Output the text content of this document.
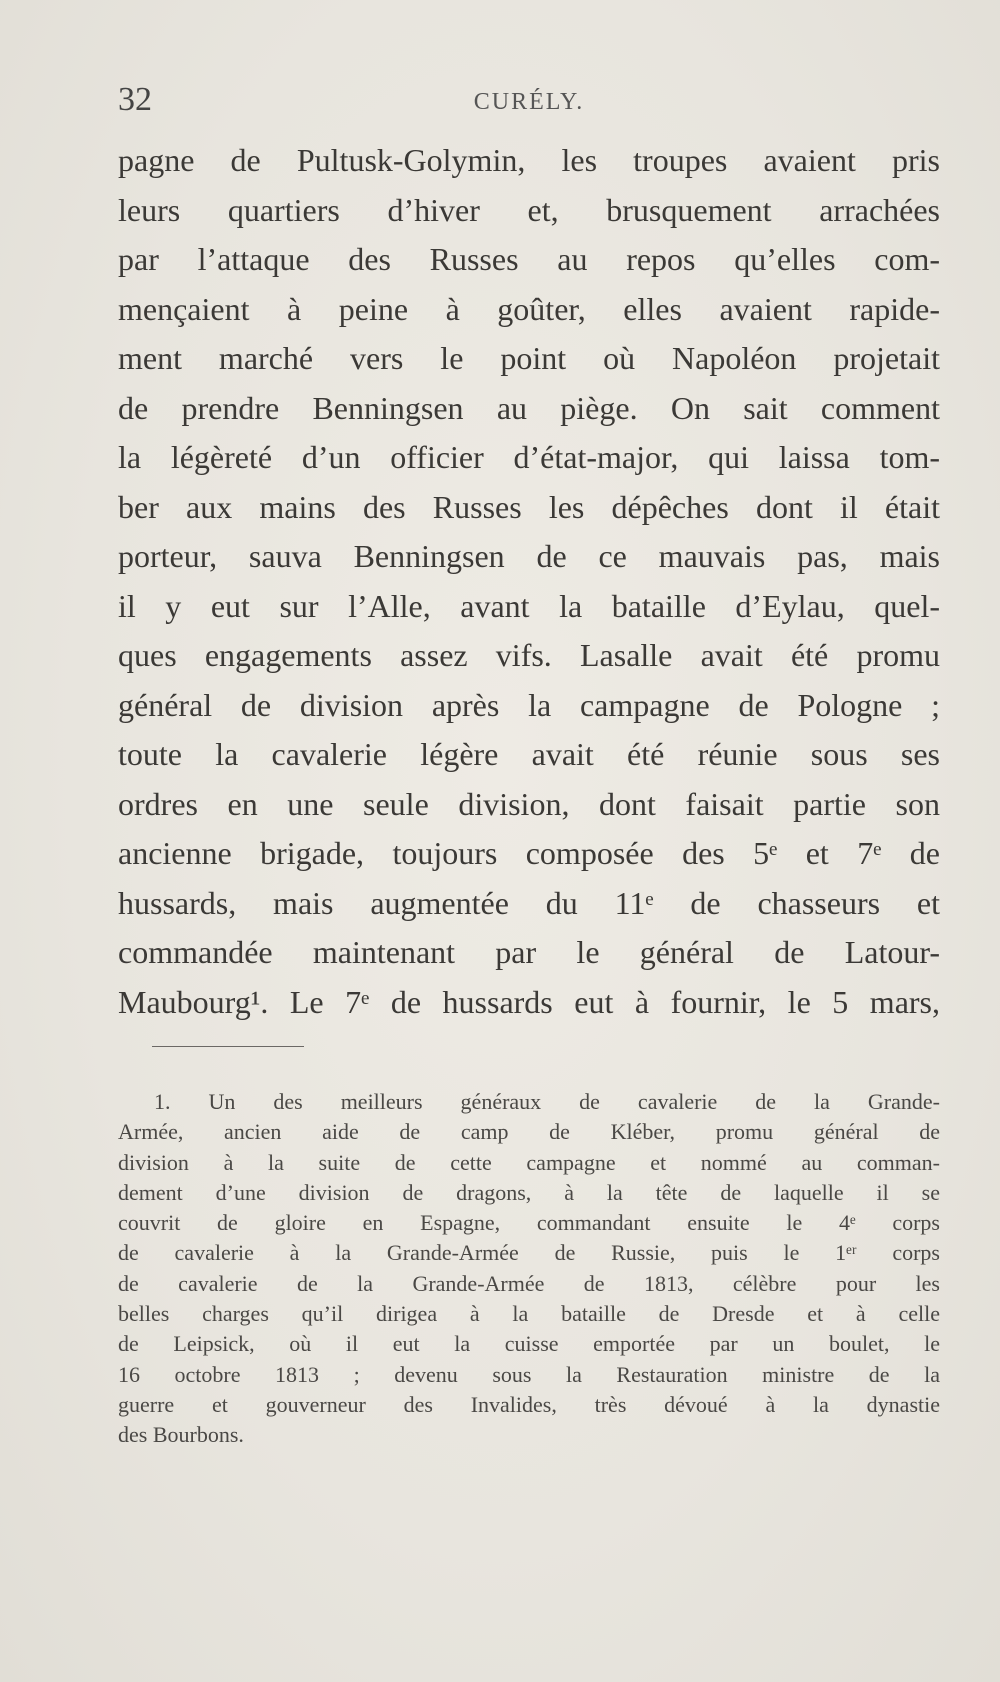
32	CURÉLY.
pagne de Pultusk-Golymin, les troupes avaient pris
leurs quartiers d’hiver et, brusquement arrachées
par l’attaque des Russes au repos qu’elles com-
mençaient à peine à goûter, elles avaient rapide-
ment marché vers le point où Napoléon projetait
de prendre Benningsen au piège. On sait comment
la légèreté d’un officier d’état-major, qui laissa tom-
ber aux mains des Russes les dépêches dont il était
porteur, sauva Benningsen de ce mauvais pas, mais
il y eut sur l’Alle, avant la bataille d’Eylau, quel-
ques engagements assez vifs. Lasalle avait été promu
général de division après la campagne de Pologne ;
toute la cavalerie légère avait été réunie sous ses
ordres en une seule division, dont faisait partie son
ancienne brigade, toujours composée des 5ᵉ et 7ᵉ de
hussards, mais augmentée du 11ᵉ de chasseurs et
commandée maintenant par le général de Latour-
Maubourg¹. Le 7ᵉ de hussards eut à fournir, le 5 mars,
1. Un des meilleurs généraux de cavalerie de la Grande-
Armée, ancien aide de camp de Kléber, promu général de
division à la suite de cette campagne et nommé au comman-
dement d’une division de dragons, à la tête de laquelle il se
couvrit de gloire en Espagne, commandant ensuite le 4ᵉ corps
de cavalerie à la Grande-Armée de Russie, puis le 1ᵉʳ corps
de cavalerie de la Grande-Armée de 1813, célèbre pour les
belles charges qu’il dirigea à la bataille de Dresde et à celle
de Leipsick, où il eut la cuisse emportée par un boulet, le
16 octobre 1813 ; devenu sous la Restauration ministre de la
guerre et gouverneur des Invalides, très dévoué à la dynastie
des Bourbons.
